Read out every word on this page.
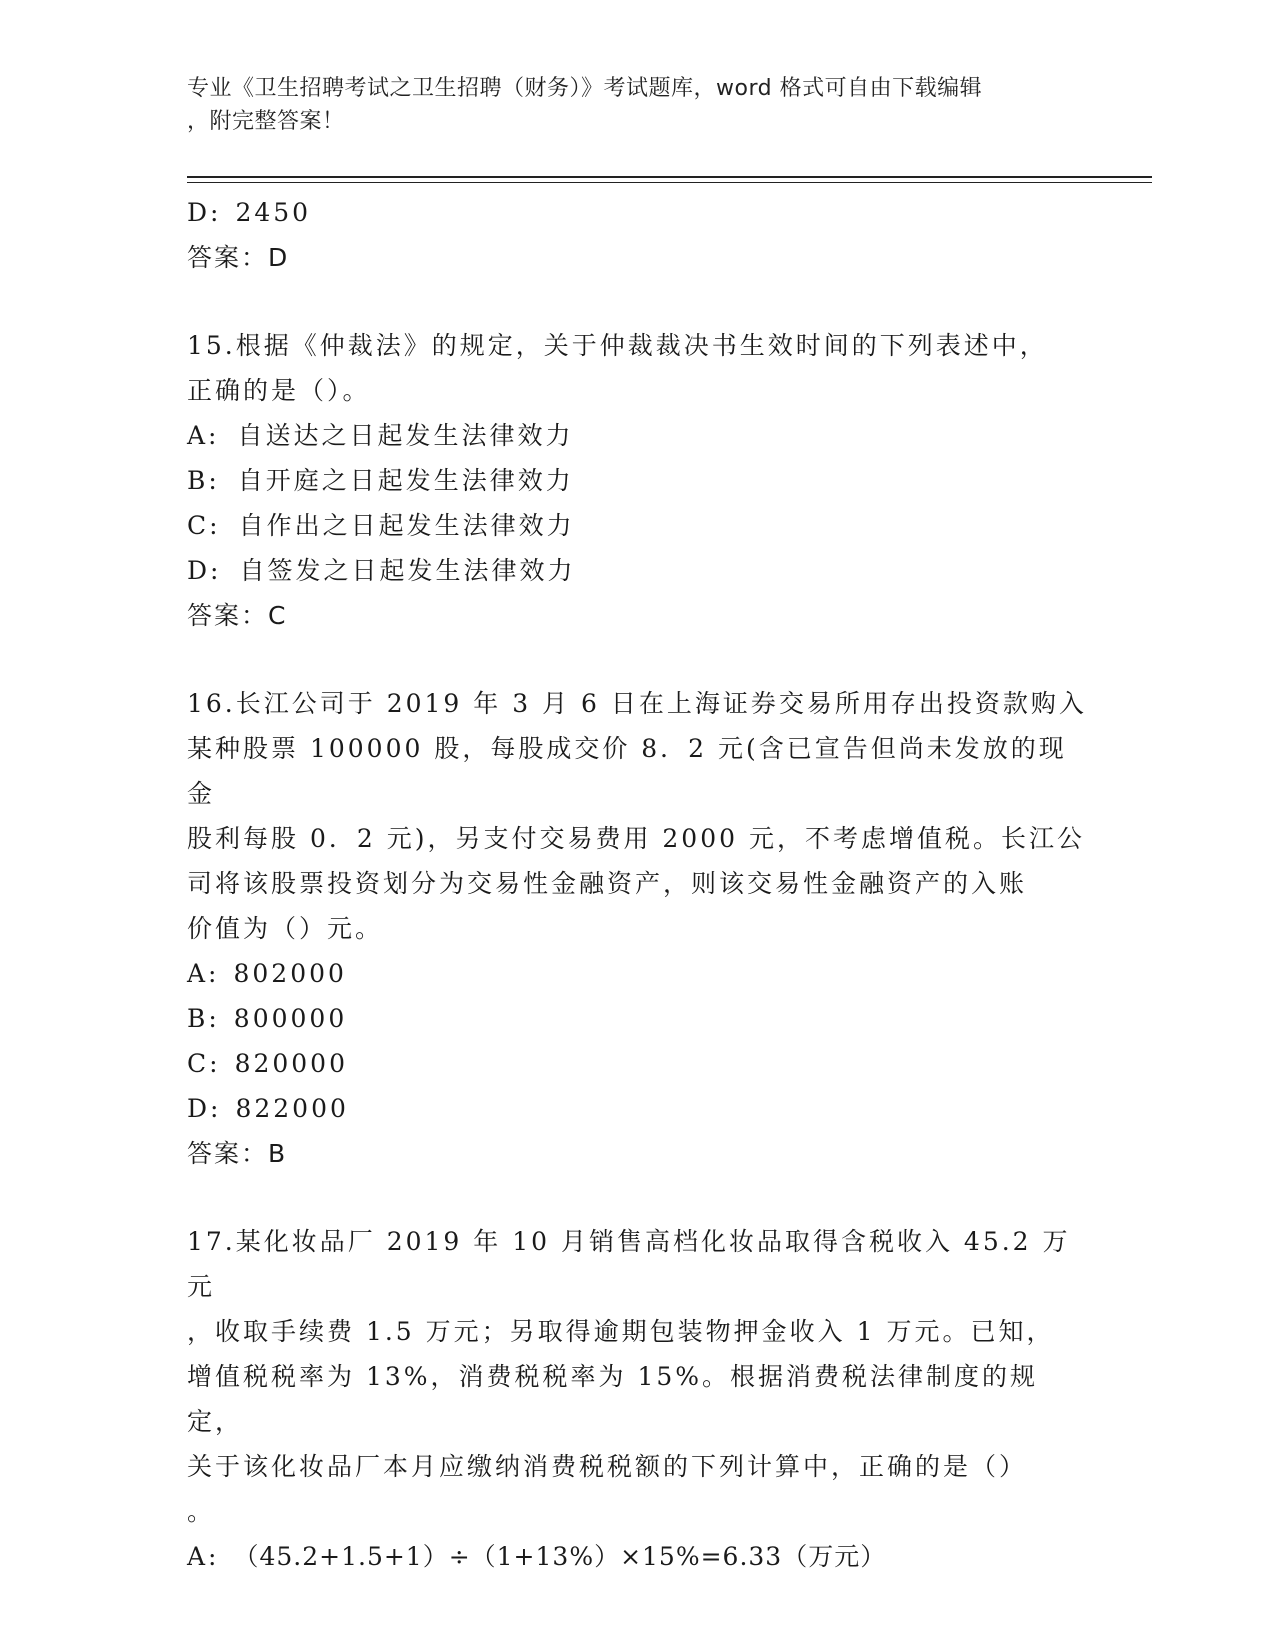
专业《卫生招聘考试之卫生招聘（财务）》考试题库，word 格式可自由下载编辑
，附完整答案！
D: 2450
答案：D
15.根据《仲裁法》的规定，关于仲裁裁决书生效时间的下列表述中，
正确的是（）。
A: 自送达之日起发生法律效力
B: 自开庭之日起发生法律效力
C: 自作出之日起发生法律效力
D: 自签发之日起发生法律效力
答案：C
16.长江公司于 2019 年 3 月 6 日在上海证券交易所用存出投资款购入
某种股票 100000 股，每股成交价 8．2 元(含已宣告但尚未发放的现金
股利每股 0．2 元)，另支付交易费用 2000 元，不考虑增值税。长江公
司将该股票投资划分为交易性金融资产，则该交易性金融资产的入账
价值为（）元。
A: 802000
B: 800000
C: 820000
D: 822000
答案：B
17.某化妆品厂 2019 年 10 月销售高档化妆品取得含税收入 45.2 万元
，收取手续费 1.5 万元；另取得逾期包装物押金收入 1 万元。已知，
增值税税率为 13%，消费税税率为 15%。根据消费税法律制度的规定，
关于该化妆品厂本月应缴纳消费税税额的下列计算中，正确的是（）
。
A: （45.2+1.5+1）÷（1+13%）×15%=6.33（万元）
